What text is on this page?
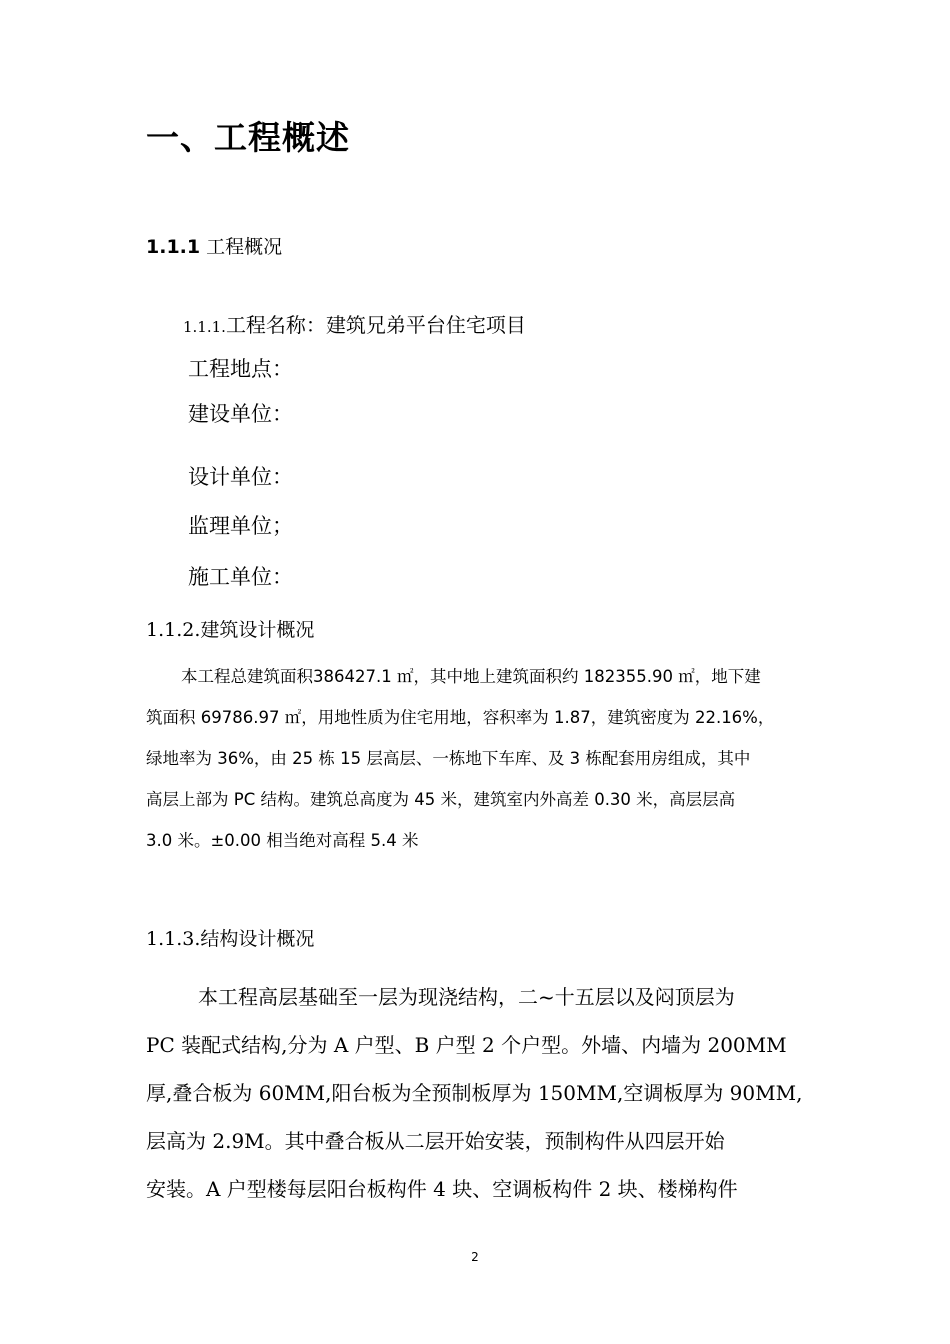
一、工程概述
1.1.1 工程概况
1.1.1.工程名称：建筑兄弟平台住宅项目
工程地点：
建设单位：
设计单位：
监理单位；
施工单位：
1.1.2.建筑设计概况
本工程总建筑面积386427.1 ㎡，其中地上建筑面积约 182355.90 ㎡，地下建
筑面积 69786.97 ㎡，用地性质为住宅用地，容积率为 1.87，建筑密度为 22.16%，
绿地率为 36%，由 25 栋 15 层高层、一栋地下车库、及 3 栋配套用房组成，其中
高层上部为 PC 结构。建筑总高度为 45 米，建筑室内外高差 0.30 米，高层层高
3.0 米。±0.00 相当绝对高程 5.4 米
1.1.3.结构设计概况
本工程高层基础至一层为现浇结构，二~十五层以及闷顶层为
PC 装配式结构,分为 A 户型、B 户型 2 个户型。外墙、内墙为 200MM
厚,叠合板为 60MM,阳台板为全预制板厚为 150MM,空调板厚为 90MM,
层高为 2.9M。其中叠合板从二层开始安装，预制构件从四层开始
安装。A 户型楼每层阳台板构件 4 块、空调板构件 2 块、楼梯构件
2
